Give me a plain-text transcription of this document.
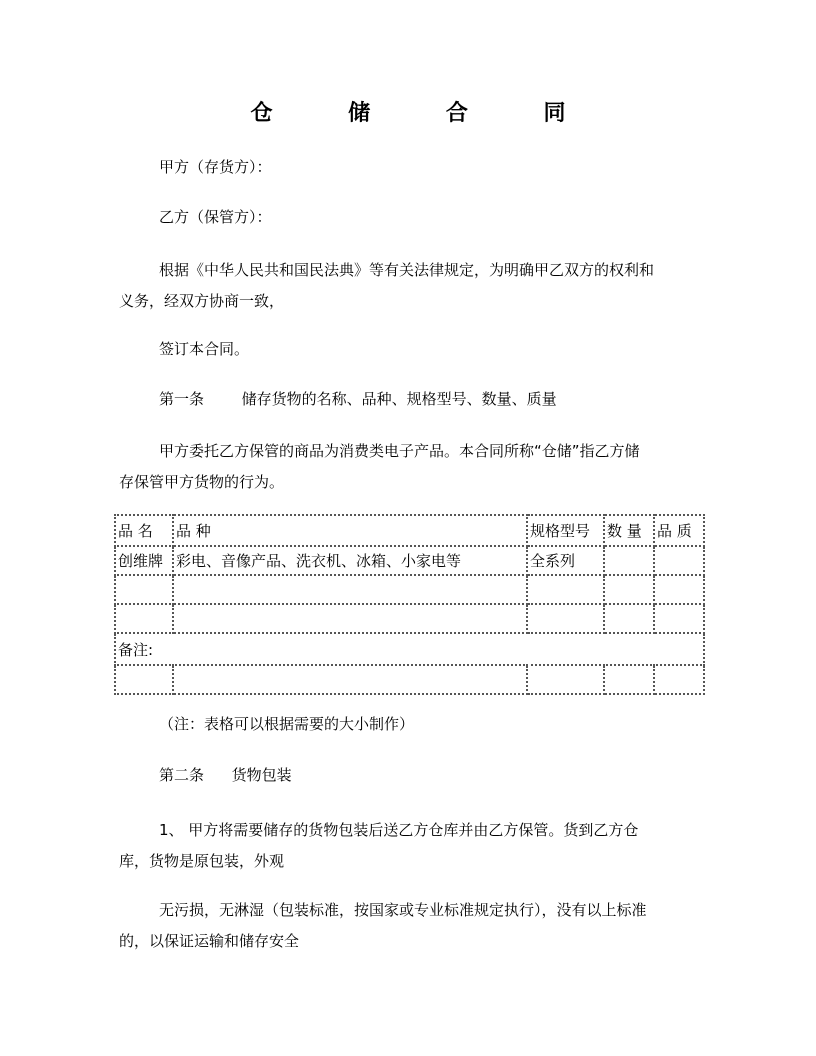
仓 储 合 同
甲方（存货方）：
乙方（保管方）：
根据《中华人民共和国民法典》等有关法律规定，为明确甲乙双方的权利和
义务，经双方协商一致，
签订本合同。
第一条	储存货物的名称、品种、规格型号、数量、质量
甲方委托乙方保管的商品为消费类电子产品。本合同所称“仓储”指乙方储
存保管甲方货物的行为。
品 名	品 种	规格型号	数 量	品 质
创维牌	彩电、音像产品、洗衣机、冰箱、小家电等	全系列		

备注:				

（注：表格可以根据需要的大小制作）
第二条 货物包装
1、 甲方将需要储存的货物包装后送乙方仓库并由乙方保管。货到乙方仓
库，货物是原包装，外观
无污损，无淋湿（包装标准，按国家或专业标准规定执行），没有以上标准
的，以保证运输和储存安全
